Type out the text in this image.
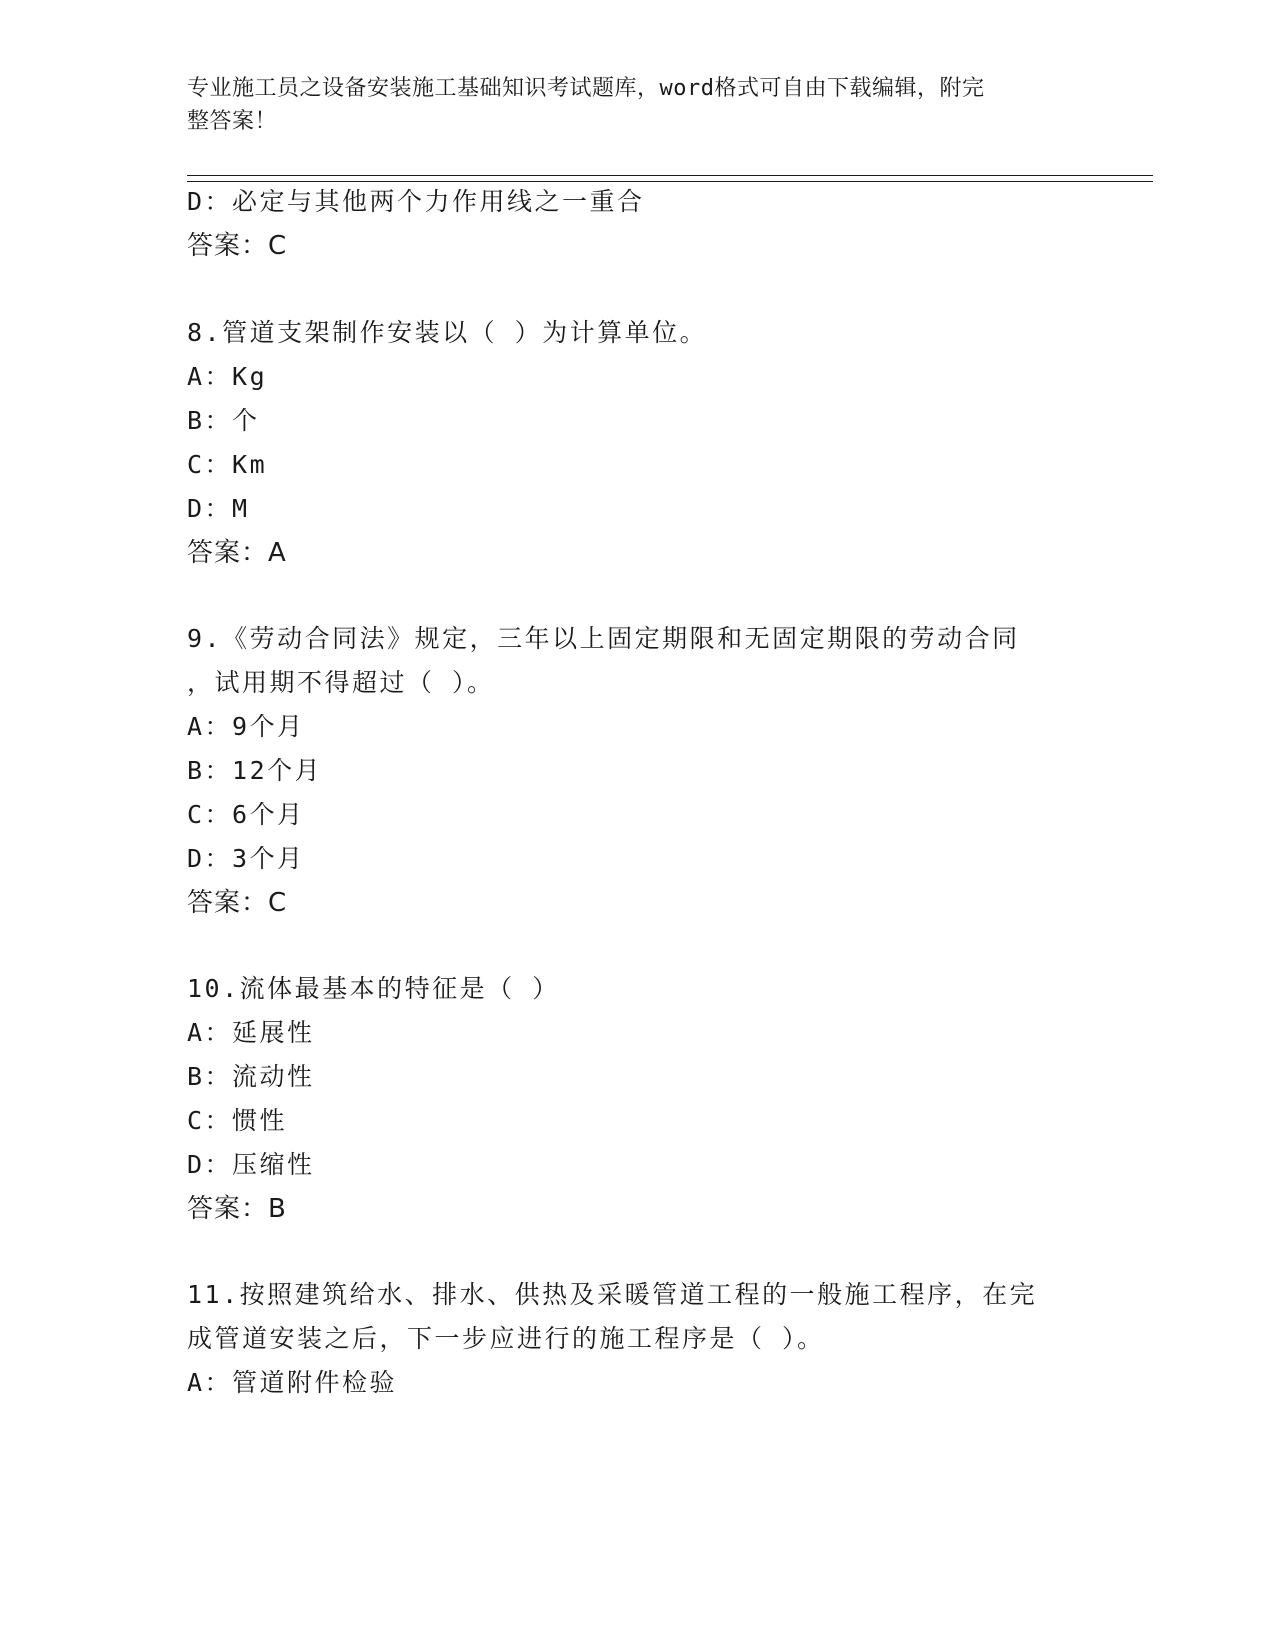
专业施工员之设备安装施工基础知识考试题库，word格式可自由下载编辑，附完
整答案！
D：必定与其他两个力作用线之一重合
答案：C
8.管道支架制作安装以（ ）为计算单位。
A：Kg
B：个
C：Km
D：M
答案：A
9.《劳动合同法》规定，三年以上固定期限和无固定期限的劳动合同
，试用期不得超过（ ）。
A：9个月
B：12个月
C：6个月
D：3个月
答案：C
10.流体最基本的特征是（ ）
A：延展性
B：流动性
C：惯性
D：压缩性
答案：B
11.按照建筑给水、排水、供热及采暖管道工程的一般施工程序，在完
成管道安装之后，下一步应进行的施工程序是（ ）。
A：管道附件检验
